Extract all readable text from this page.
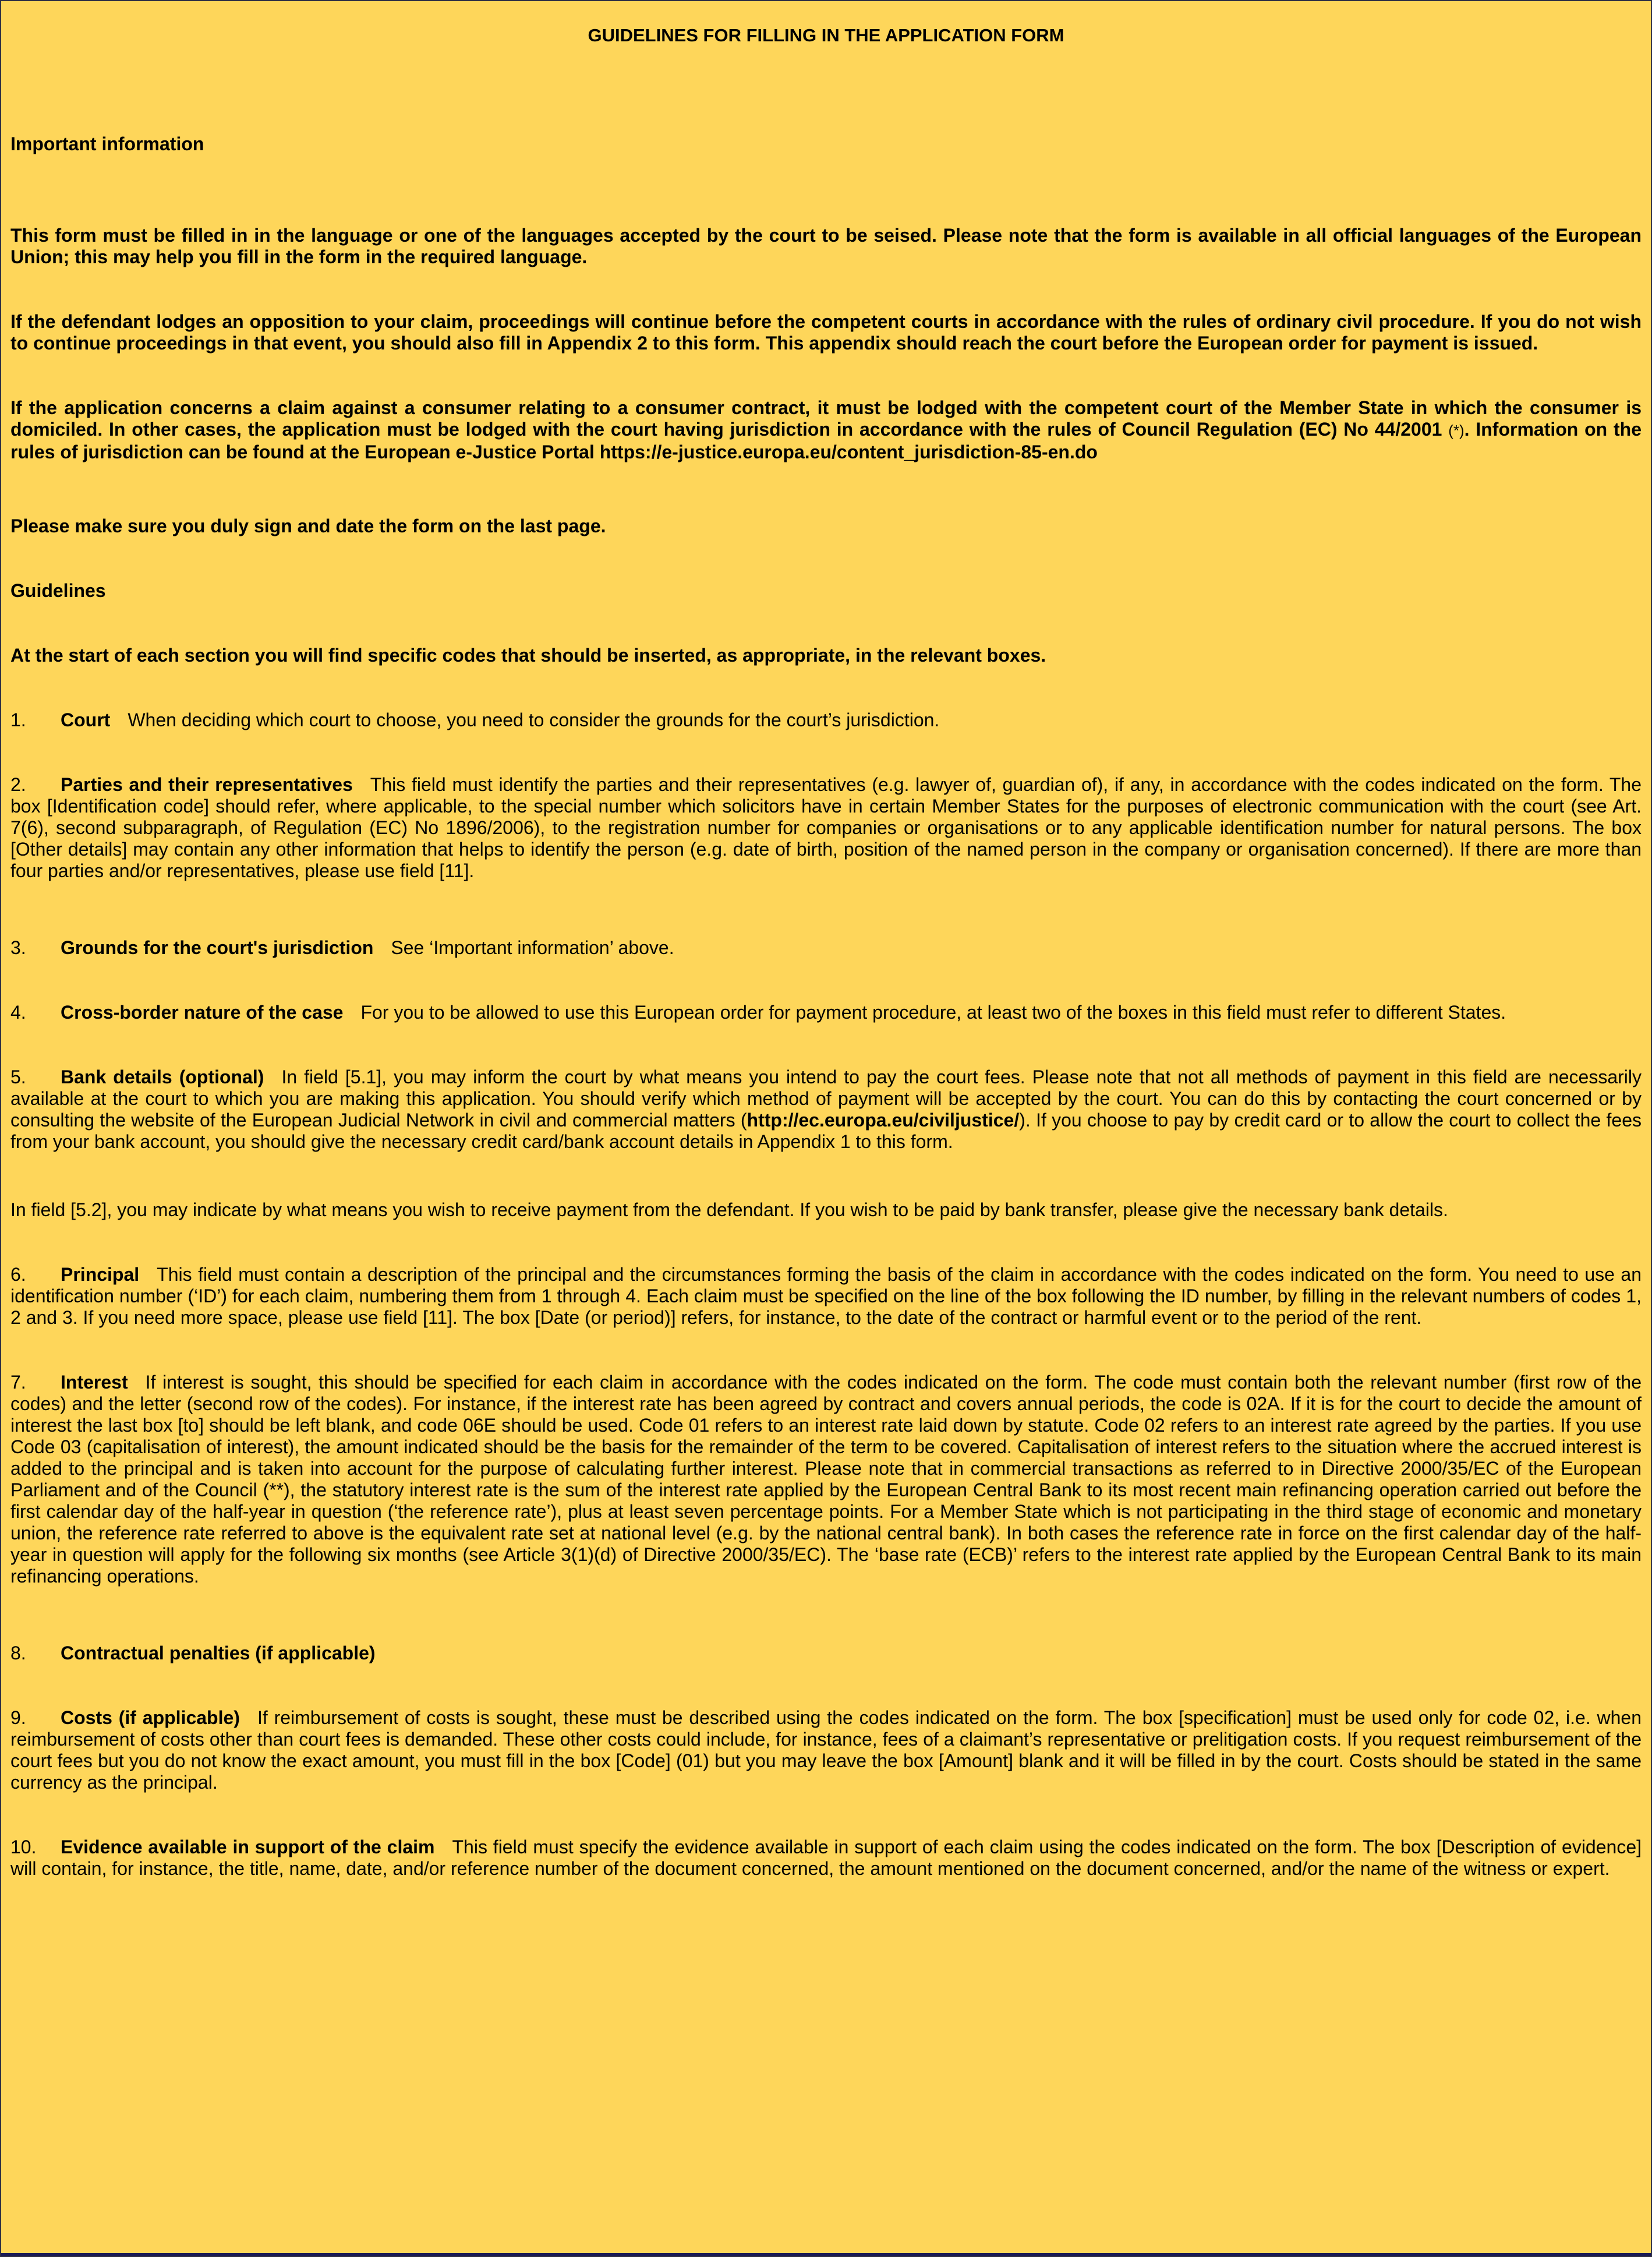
GUIDELINES FOR FILLING IN THE APPLICATION FORM

Important information

This form must be filled in in the language or one of the languages accepted by the court to be seised. Please note that the form is available in all official languages of the European Union; this may help you fill in the form in the required language.

If the defendant lodges an opposition to your claim, proceedings will continue before the competent courts in accordance with the rules of ordinary civil procedure. If you do not wish to continue proceedings in that event, you should also fill in Appendix 2 to this form. This appendix should reach the court before the European order for payment is issued.

If the application concerns a claim against a consumer relating to a consumer contract, it must be lodged with the competent court of the Member State in which the consumer is domiciled. In other cases, the application must be lodged with the court having jurisdiction in accordance with the rules of Council Regulation (EC) No 44/2001 (*). Information on the rules of jurisdiction can be found at the European e-Justice Portal https://e-justice.europa.eu/content_jurisdiction-85-en.do

Please make sure you duly sign and date the form on the last page.

Guidelines

At the start of each section you will find specific codes that should be inserted, as appropriate, in the relevant boxes.

1. Court When deciding which court to choose, you need to consider the grounds for the court’s jurisdiction.

2. Parties and their representatives This field must identify the parties and their representatives (e.g. lawyer of, guardian of), if any, in accordance with the codes indicated on the form. The box [Identification code] should refer, where applicable, to the special number which solicitors have in certain Member States for the purposes of electronic communication with the court (see Art. 7(6), second subparagraph, of Regulation (EC) No 1896/2006), to the registration number for companies or organisations or to any applicable identification number for natural persons. The box [Other details] may contain any other information that helps to identify the person (e.g. date of birth, position of the named person in the company or organisation concerned). If there are more than four parties and/or representatives, please use field [11].

3. Grounds for the court's jurisdiction See ‘Important information’ above.

4. Cross-border nature of the case For you to be allowed to use this European order for payment procedure, at least two of the boxes in this field must refer to different States.

5. Bank details (optional) In field [5.1], you may inform the court by what means you intend to pay the court fees. Please note that not all methods of payment in this field are necessarily available at the court to which you are making this application. You should verify which method of payment will be accepted by the court. You can do this by contacting the court concerned or by consulting the website of the European Judicial Network in civil and commercial matters (http://ec.europa.eu/civiljustice/). If you choose to pay by credit card or to allow the court to collect the fees from your bank account, you should give the necessary credit card/bank account details in Appendix 1 to this form.

In field [5.2], you may indicate by what means you wish to receive payment from the defendant. If you wish to be paid by bank transfer, please give the necessary bank details.

6. Principal This field must contain a description of the principal and the circumstances forming the basis of the claim in accordance with the codes indicated on the form. You need to use an identification number (‘ID’) for each claim, numbering them from 1 through 4. Each claim must be specified on the line of the box following the ID number, by filling in the relevant numbers of codes 1, 2 and 3. If you need more space, please use field [11]. The box [Date (or period)] refers, for instance, to the date of the contract or harmful event or to the period of the rent.

7. Interest If interest is sought, this should be specified for each claim in accordance with the codes indicated on the form. The code must contain both the relevant number (first row of the codes) and the letter (second row of the codes). For instance, if the interest rate has been agreed by contract and covers annual periods, the code is 02A. If it is for the court to decide the amount of interest the last box [to] should be left blank, and code 06E should be used. Code 01 refers to an interest rate laid down by statute. Code 02 refers to an interest rate agreed by the parties. If you use Code 03 (capitalisation of interest), the amount indicated should be the basis for the remainder of the term to be covered. Capitalisation of interest refers to the situation where the accrued interest is added to the principal and is taken into account for the purpose of calculating further interest. Please note that in commercial transactions as referred to in Directive 2000/35/EC of the European Parliament and of the Council (**), the statutory interest rate is the sum of the interest rate applied by the European Central Bank to its most recent main refinancing operation carried out before the first calendar day of the half-year in question (‘the reference rate’), plus at least seven percentage points. For a Member State which is not participating in the third stage of economic and monetary union, the reference rate referred to above is the equivalent rate set at national level (e.g. by the national central bank). In both cases the reference rate in force on the first calendar day of the half-year in question will apply for the following six months (see Article 3(1)(d) of Directive 2000/35/EC). The ‘base rate (ECB)’ refers to the interest rate applied by the European Central Bank to its main refinancing operations.

8. Contractual penalties (if applicable)

9. Costs (if applicable) If reimbursement of costs is sought, these must be described using the codes indicated on the form. The box [specification] must be used only for code 02, i.e. when reimbursement of costs other than court fees is demanded. These other costs could include, for instance, fees of a claimant’s representative or prelitigation costs. If you request reimbursement of the court fees but you do not know the exact amount, you must fill in the box [Code] (01) but you may leave the box [Amount] blank and it will be filled in by the court. Costs should be stated in the same currency as the principal.

10. Evidence available in support of the claim This field must specify the evidence available in support of each claim using the codes indicated on the form. The box [Description of evidence] will contain, for instance, the title, name, date, and/or reference number of the document concerned, the amount mentioned on the document concerned, and/or the name of the witness or expert.
